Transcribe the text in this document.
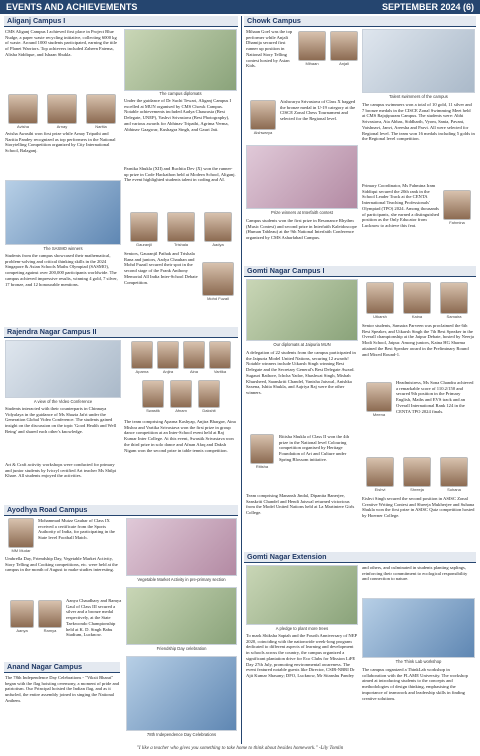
EVENTS AND ACHIEVEMENTS	SEPTEMBER 2024 (6)
Aliganj Campus I
CMS Aliganj Campus I achieved first place in Project Blue Nudge, a paper waste recycling initiative, collecting 6000 kg of waste. Around 1000 students participated, earning the title of Planet Warriors. Top achievers included Zaheen Fatema, Alisha Siddique, and Ishaan Shukla.
The campus diplomats
Avisha	Arnay	Naritia
Under the guidance of Dr Suchi Tewari, Aliganj Campus I excelled at MUN organised by CMS Chowk Campus. Notable achievements included Aadya Chaurasia (Best Delegate, UNEP), Yashvi Srivastava (Best Photography), and various awards for Abhinav Tripathi, Agrima Verma, Abhinav Gaagwar, Kushagra Singh, and Gauri Jati.
Avisha Awasthi won first prize while Arnay Tripathi and Naritia Pandey recognized as top performers in the National Storytelling Competition organized by City International School, Balaganj.
Parnika Shukla (XII) and Ruchita Dev (X) won the runner-up prize in Code Hackathon held at Modern School, Aliganj. The event highlighted students talent in coding and AI.
The SASMO winners
Gauranjil	Trishala	Aadya
Students from the campus showcased their mathematical, problem-solving and critical thinking skills in the 2024 Singapore & Asian Schools Maths Olympiad (SASMO), competing against over 200,000 participants worldwide. The campus achieved impressive results, winning 4 gold, 7 silver, 17 bronze, and 12 honourable mentions.
Seniors, Gauranjil Pathak and Trishala Rana and juniors, Aadya Chauhan and Mohd Fuzail secured their spot in the second stage of the Frank Anthony Memorial All India Inter-School Debate Competition.
Mohd Fuzail
Rajendra Nagar Campus II
A view of the Video Conference
Aparna	Anjira	Aina	Vartika
Swastik	Afnam	Dakshit
Students interacted with their counterparts in Chinnaya Vidyalaya in the guidance of Ms Shazia Jafri under the Generation Global Video Conference. The students gained insight on the discussion on the topic 'Good Health and Well Being' and shared each other's knowledge.
Art & Craft activity workshops were conducted for primary and junior students by Ivicryl certified Art teacher Ms Shilpi Khare. All students enjoyed the activities.
The team comprising Aparna Kashyap, Anjira Bhargav, Aina Mishra and Vartika Srivastava won the first prize in group dance competition at an Inter-School event held at Raj Kumar Inter College. At this event, Swastik Srivastava won the third prize in solo dance and Afnan Afaq and Daksh Nigam won the second prize in table tennis competition.
Ayodhya Road Campus
MM Mudar
Mohammad Muizz Gauhar of Class IX received a certificate from the Sports Authority of India, for participating in the State level Football Match.
Vegetable Market Activity in pre-primary section
Umbrella Day, Friendship Day, Vegetable Market Activity, Story Telling and Cooking competitions, etc. were held at the campus in the month of August to make studies interesting.
Aanya	Ramya
Aanya Chaudhary and Ramya Gaul of Class III secured a silver and a bronze medal respectively, at the State Taekwondo Championship held at K. D. Singh Babu Stadium, Lucknow.
Friendship Day celebration
Anand Nagar Campus
The 78th Independence Day Celebrations - "Viksit Bharat" began with the flag hoisting ceremony, a moment of pride and patriotism. Our Principal hoisted the Indian flag, and as it unfurled, the entire assembly joined in singing the National Anthem.
78th Independence Day Celebrations
Chowk Campus
Mihaan Goel was the top performer while Anjali Dhamija secured first runner up position in National Story Telling contest hosted by Asian Kids.	Mihaan	Anjali
Talent swimmers of the campus
Aishwarya
Aishwarya Srivastava of Class X bagged the bronze medal in U-19 category at the CISCE Zonal Chess Tournament and selected for the Regional level.
The campus swimmers won a total of 10 gold, 11 silver and 7 bronze medals in the CISCE Zonal Swimming Meet held at CMS Rajajipuram Campus. The students were: Abhi Srivastava, Ata Abbas, Siddharth, Vyom, Sania, Pavani, Vaishnavi, Janvi, Areesha and Parvi. All were selected for Regional level. The team won 16 medals including 5 golds in the Regional level competition.
Prize winners at Interfaith contest
Campus students won the first prize in Resonance Rhythm (Music Contest) and second prize in Interfaith Kaleidoscope (Human Tableau) at the 9th National Interfaith Conference organized by CMS Asharfabad Campus.
Primary Coordinator, Ms Fahmina Iram Siddiqui secured the 20th rank in the School Leader Track at the CENTA International Teaching Professionals' Olympiad (TPO) 2024. Among thousands of participants, she earned a distinguished position as the Only Educator from Lucknow to achieve this feat.
Fahmina
Gomti Nagar Campus I
Our diplomats at Jaipuria MUN
Utkarsh	Kaina	Samaira
Senior students, Samaira Parveen was proclaimed the 6th Best Speaker, and Utkarsh Singh the 7th Best Speaker in the Overall championship at the Jaipur Debate, hosted by Neerja Modi School, Jaipur. Among juniors, Kaina HG Sharma attained the Best Speaker award in the Preliminary Round and Mixed Round-1.
A delegation of 22 students from the campus participated in the Jaipuria Model United Nations, securing 12 awards! Notable winners include Utkarsh Singh winning Best Delegate and the Secretary General's Best Delegate Award. Sugauri Rathore, Ichcha Yadav, Shashwat Singh, Misbah Khursheed, Saanskriti Chandel, Vanisha Jaiswal, Anishka Saxena, Ishita Shukla, and Aajriya Raj were the other winners.
Headmistress, Ms Sona Chandra achieved a remarkable score of 110.2/150 and secured 9th position in the Primary English, Maths and EVS track and an Overall International Rank 124 in the CENTA TPO 2024 finals.
Ritisha
Ritisha Shukla of Class II won the 4th prize in the National level Colouring competition organised by Heritage Foundation of Art and Culture under Spring Blossom initiative.
Team comprising Manansh Jindal, Dipanita Banerjee, Sanskriti Chandel and Hendi Jaiswal returned victorious from the Model United Nations held at La Martiniere Girls College.
Eishvi	Shreeja	Suhana
Eishvi Singh secured the second position in ASISC Zonal Creative Writing Contest and Shreeja Mukherjee and Suhana Shukla won the first prize in ASISC Quiz competition hosted by Hoerner College.
Meena
Gomti Nagar Extension
A pledge to plant more trees
To mark Shiksha Saptah and the Fourth Anniversary of NEP 2020, coinciding with the nationwide week-long program dedicated to different aspects of learning and development in schools across the country, the campus organized a significant plantation drive for Eco Clubs for Mission LiFE Day 27th July, promoting environmental awareness. The event featured notable guests like Director, CSIR-NBRI Dr Ajit Kumar Shasany; DFO, Lucknow, Mr Sitanshu Pandey
and others, and culminated in students planting saplings, reinforcing their commitment to ecological responsibility and connection to nature.
The Think Lab workshop
The campus organized a ThinkLab workshop in collaboration with the FLAME University. The workshop aimed at introducing students to the concepts and methodologies of design thinking, emphasising the importance of teamwork and leadership skills in finding creative solutions.
"I like a teacher who gives you something to take home to think about besides homework." -Lily Tomlin
